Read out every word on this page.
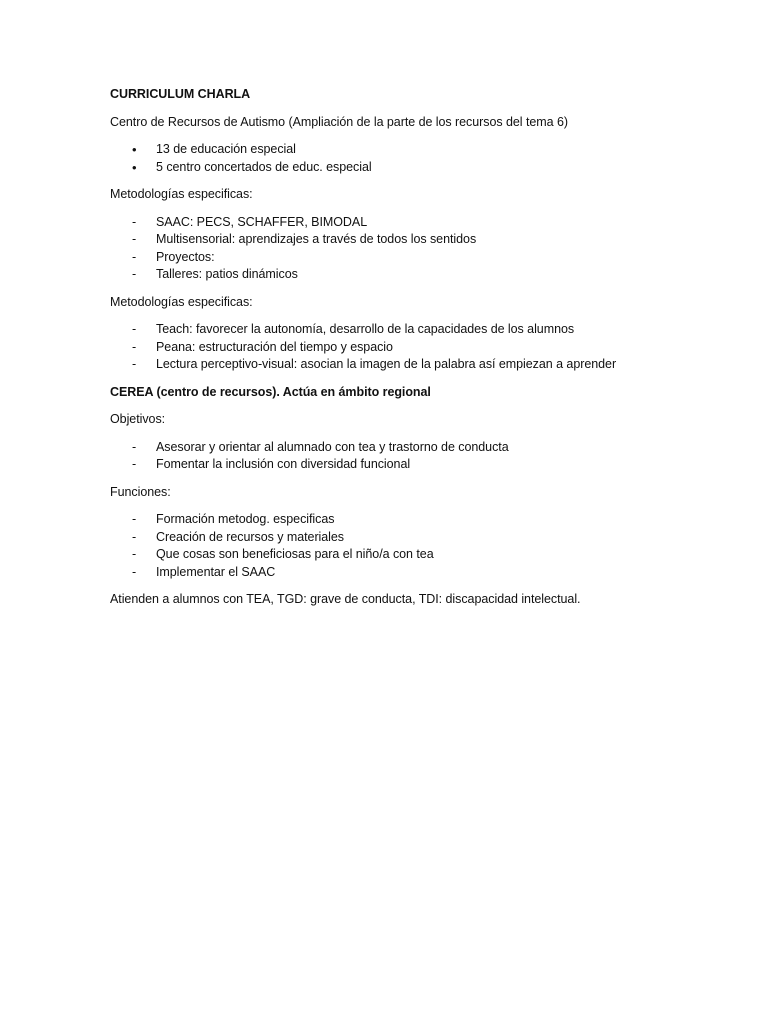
CURRICULUM CHARLA

Centro de Recursos de Autismo (Ampliación de la parte de los recursos del tema 6)

•	13 de educación especial
•	5 centro concertados de educ. especial

Metodologías especificas:

-	SAAC: PECS, SCHAFFER, BIMODAL
-	Multisensorial: aprendizajes a través de todos los sentidos
-	Proyectos:
-	Talleres: patios dinámicos

Metodologías especificas:

-	Teach: favorecer la autonomía, desarrollo de la capacidades de los alumnos
-	Peana: estructuración del tiempo y espacio
-	Lectura perceptivo-visual: asocian la imagen de la palabra así empiezan a aprender

CEREA (centro de recursos). Actúa en ámbito regional

Objetivos:

-	Asesorar y orientar al alumnado con tea y trastorno de conducta
-	Fomentar la inclusión con diversidad funcional

Funciones:

-	Formación metodog. especificas
-	Creación de recursos y materiales
-	Que cosas son beneficiosas para el niño/a con tea
-	Implementar el SAAC

Atienden a alumnos con TEA, TGD: grave de conducta, TDI: discapacidad intelectual.
